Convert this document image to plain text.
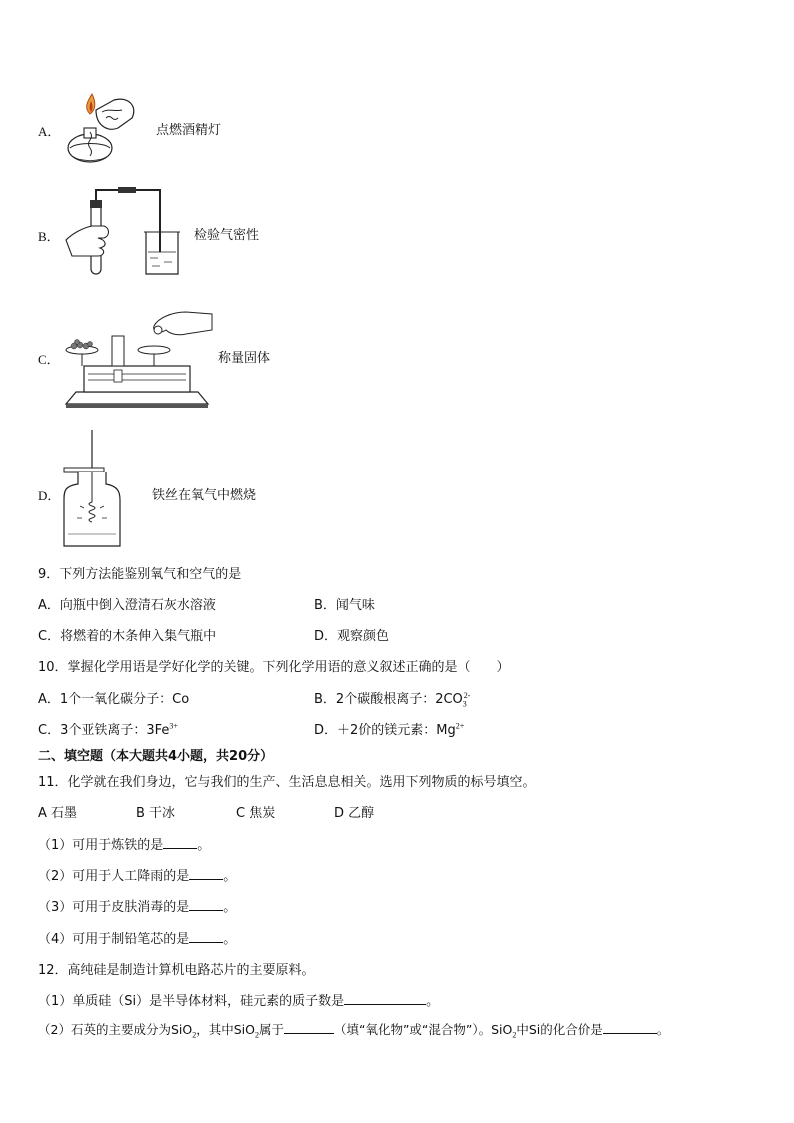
A．	点燃酒精灯
B．	检验气密性
C．	称量固体
D．	铁丝在氧气中燃烧
9．下列方法能鉴别氧气和空气的是
A．向瓶中倒入澄清石灰水溶液	B．闻气味
C．将燃着的木条伸入集气瓶中	D．观察颜色
10．掌握化学用语是学好化学的关键。下列化学用语的意义叙述正确的是（　　）
A．1个一氧化碳分子：Co	B．2个碳酸根离子：$2CO_3^{2-}$
C．3个亚铁离子：$3Fe^{3+}$	D．＋2价的镁元素：$Mg^{2+}$
二、填空题（本大题共4小题，共20分）
11．化学就在我们身边，它与我们的生产、生活息息相关。选用下列物质的标号填空。
A 石墨	B 干冰	C 焦炭	D 乙醇
（1）可用于炼铁的是	。
（2）可用于人工降雨的是	。
（3）可用于皮肤消毒的是	。
（4）可用于制铅笔芯的是	。
12．高纯硅是制造计算机电路芯片的主要原料。
（1）单质硅（Si）是半导体材料，硅元素的质子数是	。
（2）石英的主要成分为SiO$_2$，其中SiO$_2$属于	（填“氧化物”或“混合物”）。SiO$_2$中Si的化合价是	。
